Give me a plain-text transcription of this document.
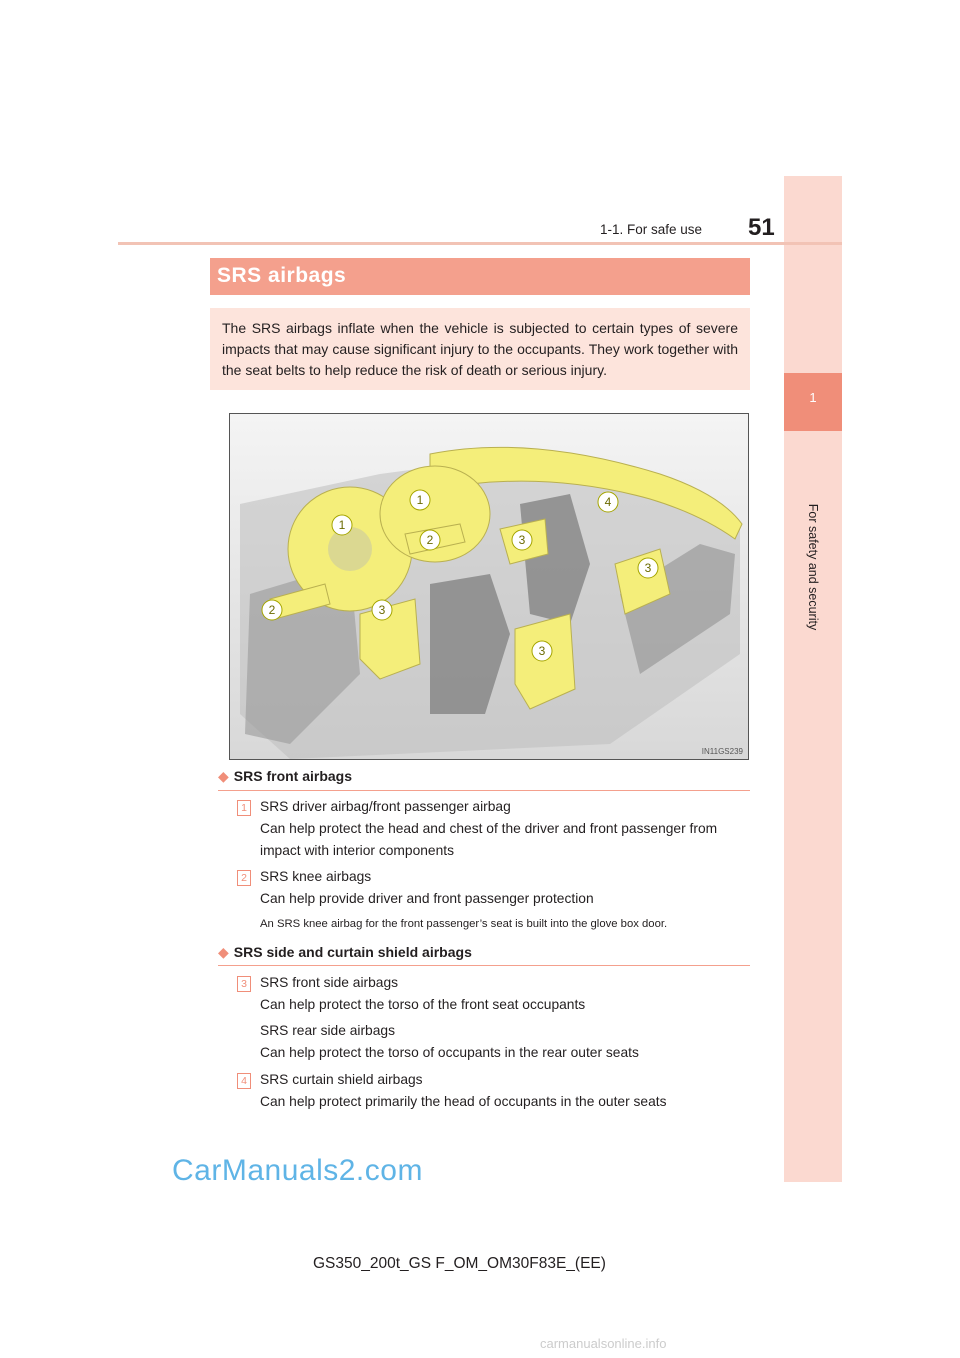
1
For safety and security
1-1. For safe use 51
SRS airbags
The SRS airbags inflate when the vehicle is subjected to certain types of severe impacts that may cause significant injury to the occupants. They work together with the seat belts to help reduce the risk of death or serious injury.
1
1
2
2	3
3
3
3
4
IN11GS239
◆ SRS front airbags
1 SRS driver airbag/front passenger airbag
Can help protect the head and chest of the driver and front passenger from impact with interior components
2 SRS knee airbags
Can help provide driver and front passenger protection
An SRS knee airbag for the front passenger’s seat is built into the glove box door.
◆ SRS side and curtain shield airbags
3 SRS front side airbags
Can help protect the torso of the front seat occupants
SRS rear side airbags
Can help protect the torso of occupants in the rear outer seats
4 SRS curtain shield airbags
Can help protect primarily the head of occupants in the outer seats
CarManuals2.com
GS350_200t_GS F_OM_OM30F83E_(EE)
carmanualsonline.info
